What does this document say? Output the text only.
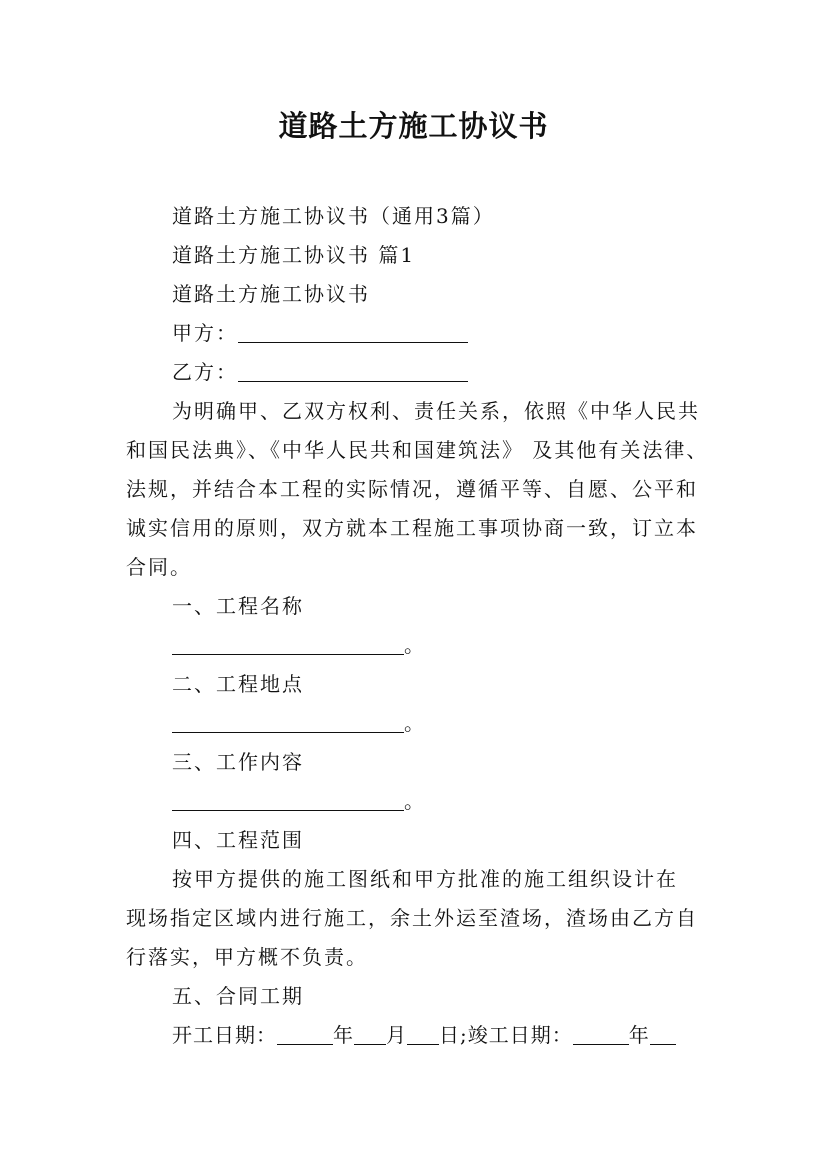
道路土方施工协议书
道路土方施工协议书（通用3篇）
道路土方施工协议书 篇1
道路土方施工协议书
甲方：
乙方：
为明确甲、乙双方权利、责任关系，依照《中华人民共
和国民法典》、《中华人民共和国建筑法》 及其他有关法律、
法规，并结合本工程的实际情况，遵循平等、自愿、公平和
诚实信用的原则，双方就本工程施工事项协商一致，订立本
合同。
一、工程名称
。
二、工程地点
。
三、工作内容
。
四、工程范围
按甲方提供的施工图纸和甲方批准的施工组织设计在
现场指定区域内进行施工，余土外运至渣场，渣场由乙方自
行落实，甲方概不负责。
五、合同工期
开工日期：	年 月 日;竣工日期：	年
